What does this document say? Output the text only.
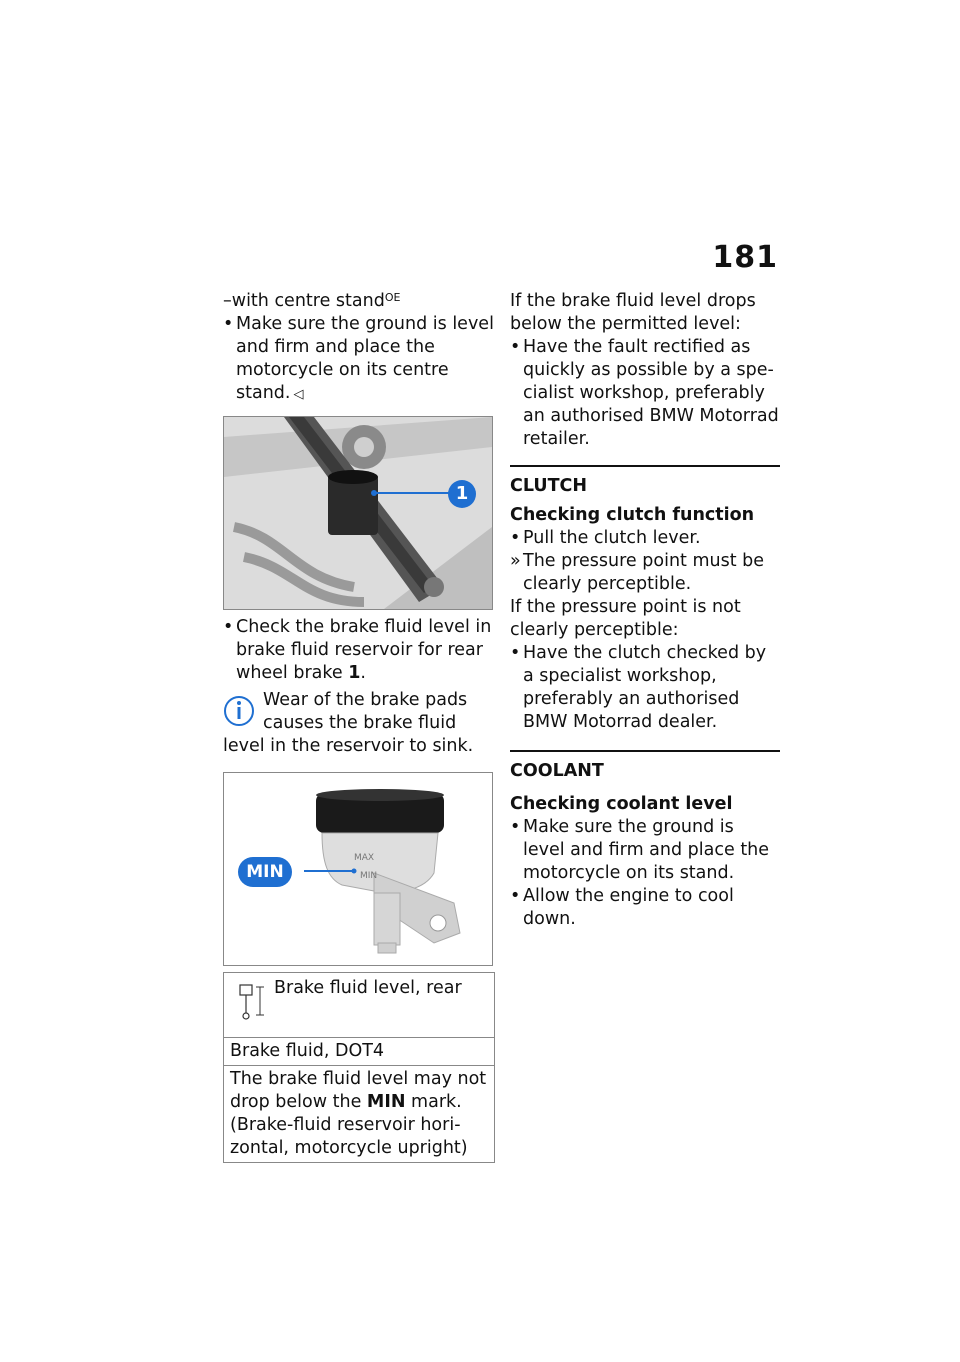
181

–with centre stand$^{OE}$

• Make sure the ground is level and firm and place the motorcycle on its centre stand. ◁

1

• Check the brake fluid level in brake fluid reservoir for rear wheel brake 1.

Wear of the brake pads causes the brake fluid level in the reservoir to sink.

MAX
MIN
MIN
Brake fluid level, rear
Brake fluid, DOT4
The brake fluid level may not drop below the MIN mark. (Brake-fluid reservoir horizontal, motorcycle upright)

If the brake fluid level drops below the permitted level:

• Have the fault rectified as quickly as possible by a specialist workshop, preferably an authorised BMW Motorrad retailer.

CLUTCH

Checking clutch function

• Pull the clutch lever.

» The pressure point must be clearly perceptible.

If the pressure point is not clearly perceptible:

• Have the clutch checked by a specialist workshop, preferably an authorised BMW Motorrad dealer.

COOLANT

Checking coolant level

• Make sure the ground is level and firm and place the motorcycle on its stand.

• Allow the engine to cool down.
